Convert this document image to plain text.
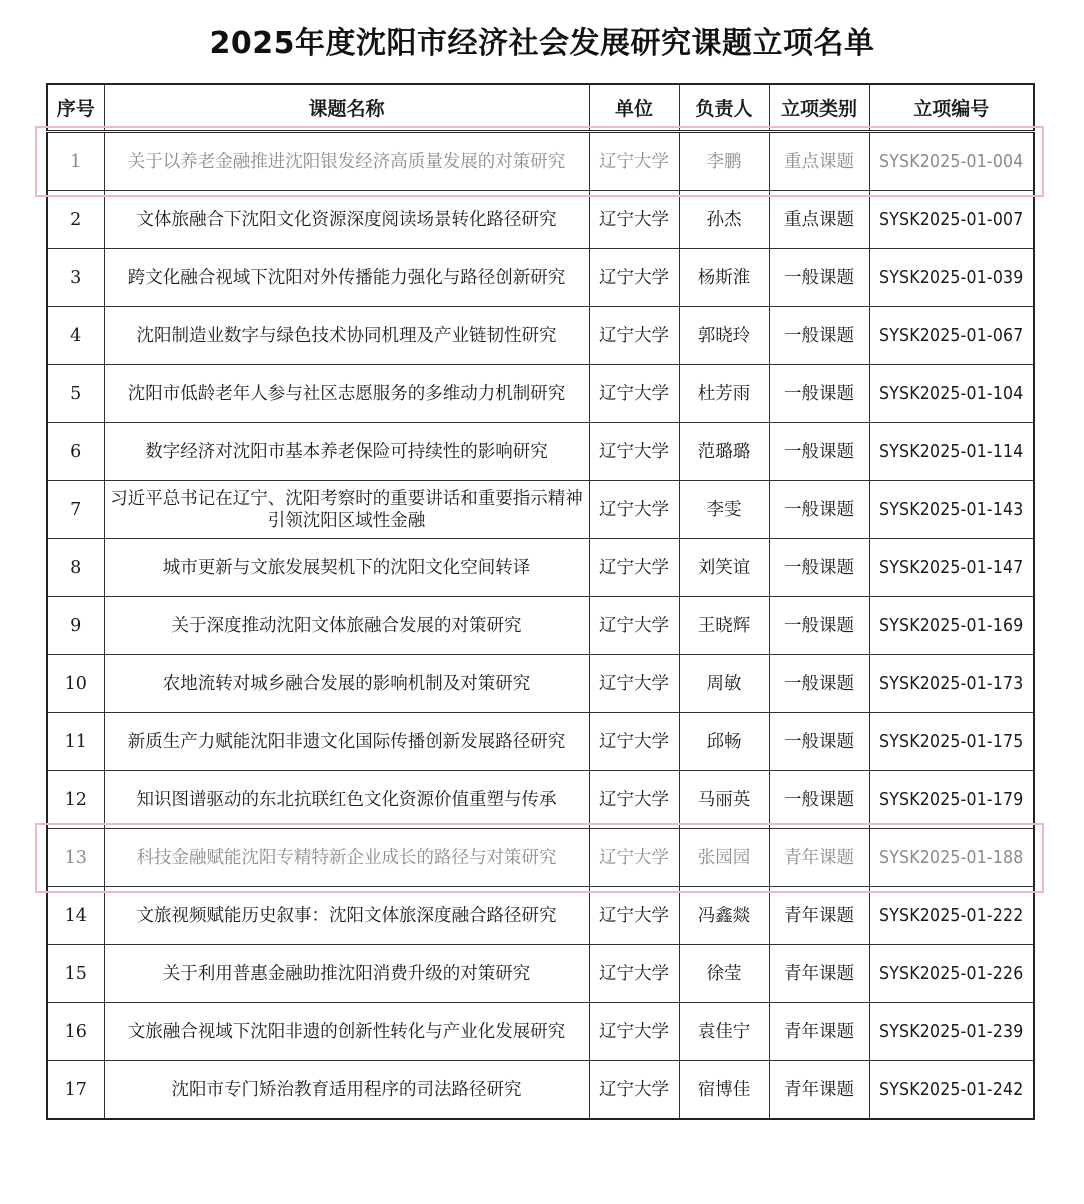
2025年度沈阳市经济社会发展研究课题立项名单
序号	课题名称	单位	负责人	立项类别	立项编号
1	关于以养老金融推进沈阳银发经济高质量发展的对策研究	辽宁大学	李鹏	重点课题	SYSK2025-01-004
2	文体旅融合下沈阳文化资源深度阅读场景转化路径研究	辽宁大学	孙杰	重点课题	SYSK2025-01-007
3	跨文化融合视域下沈阳对外传播能力强化与路径创新研究	辽宁大学	杨斯淮	一般课题	SYSK2025-01-039
4	沈阳制造业数字与绿色技术协同机理及产业链韧性研究	辽宁大学	郭晓玲	一般课题	SYSK2025-01-067
5	沈阳市低龄老年人参与社区志愿服务的多维动力机制研究	辽宁大学	杜芳雨	一般课题	SYSK2025-01-104
6	数字经济对沈阳市基本养老保险可持续性的影响研究	辽宁大学	范璐璐	一般课题	SYSK2025-01-114
7	习近平总书记在辽宁、沈阳考察时的重要讲话和重要指示精神引领沈阳区域性金融	辽宁大学	李雯	一般课题	SYSK2025-01-143
8	城市更新与文旅发展契机下的沈阳文化空间转译	辽宁大学	刘笑谊	一般课题	SYSK2025-01-147
9	关于深度推动沈阳文体旅融合发展的对策研究	辽宁大学	王晓辉	一般课题	SYSK2025-01-169
10	农地流转对城乡融合发展的影响机制及对策研究	辽宁大学	周敏	一般课题	SYSK2025-01-173
11	新质生产力赋能沈阳非遗文化国际传播创新发展路径研究	辽宁大学	邱畅	一般课题	SYSK2025-01-175
12	知识图谱驱动的东北抗联红色文化资源价值重塑与传承	辽宁大学	马丽英	一般课题	SYSK2025-01-179
13	科技金融赋能沈阳专精特新企业成长的路径与对策研究	辽宁大学	张园园	青年课题	SYSK2025-01-188
14	文旅视频赋能历史叙事：沈阳文体旅深度融合路径研究	辽宁大学	冯鑫燚	青年课题	SYSK2025-01-222
15	关于利用普惠金融助推沈阳消费升级的对策研究	辽宁大学	徐莹	青年课题	SYSK2025-01-226
16	文旅融合视域下沈阳非遗的创新性转化与产业化发展研究	辽宁大学	袁佳宁	青年课题	SYSK2025-01-239
17	沈阳市专门矫治教育适用程序的司法路径研究	辽宁大学	宿博佳	青年课题	SYSK2025-01-242
